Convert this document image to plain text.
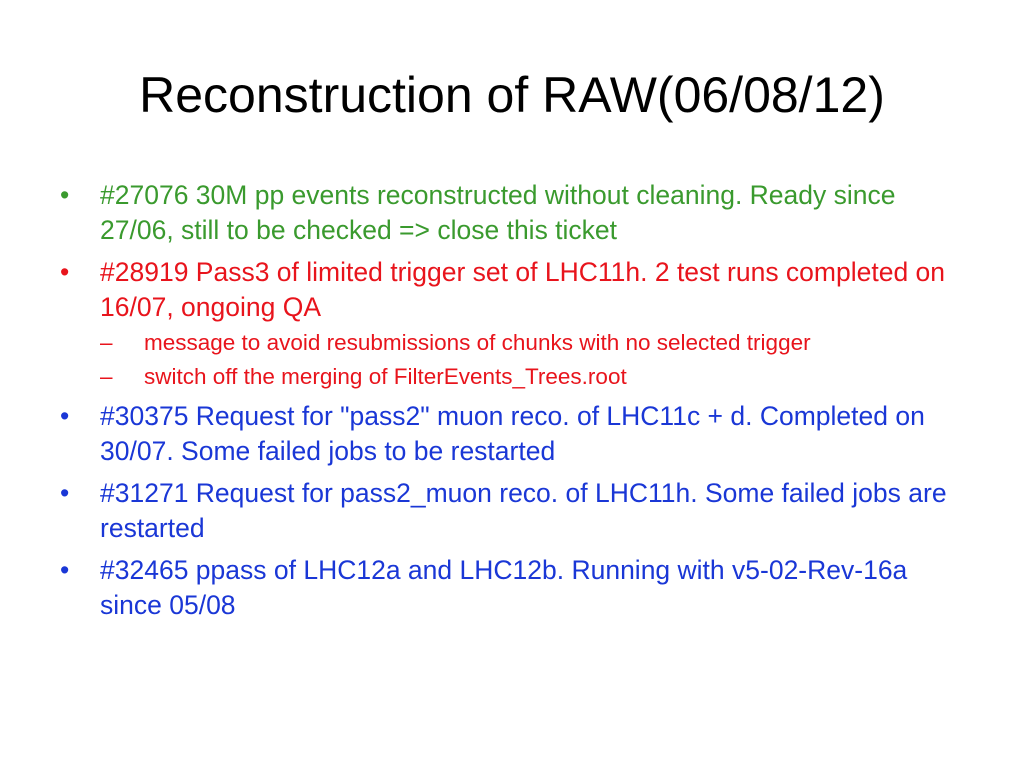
Reconstruction of RAW(06/08/12)
•	#27076 30M pp events reconstructed without cleaning. Ready since 27/06, still to be checked => close this ticket
•	#28919 Pass3 of limited trigger set of LHC11h. 2 test runs completed on 16/07, ongoing QA
–	message to avoid resubmissions of chunks with no selected trigger
–	switch off the merging of FilterEvents_Trees.root
•	#30375 Request for "pass2" muon reco. of LHC11c + d. Completed on 30/07. Some failed jobs to be restarted
•	#31271 Request for pass2_muon reco. of LHC11h. Some failed jobs are restarted
•	#32465 ppass of LHC12a and LHC12b. Running with v5-02-Rev-16a since 05/08
